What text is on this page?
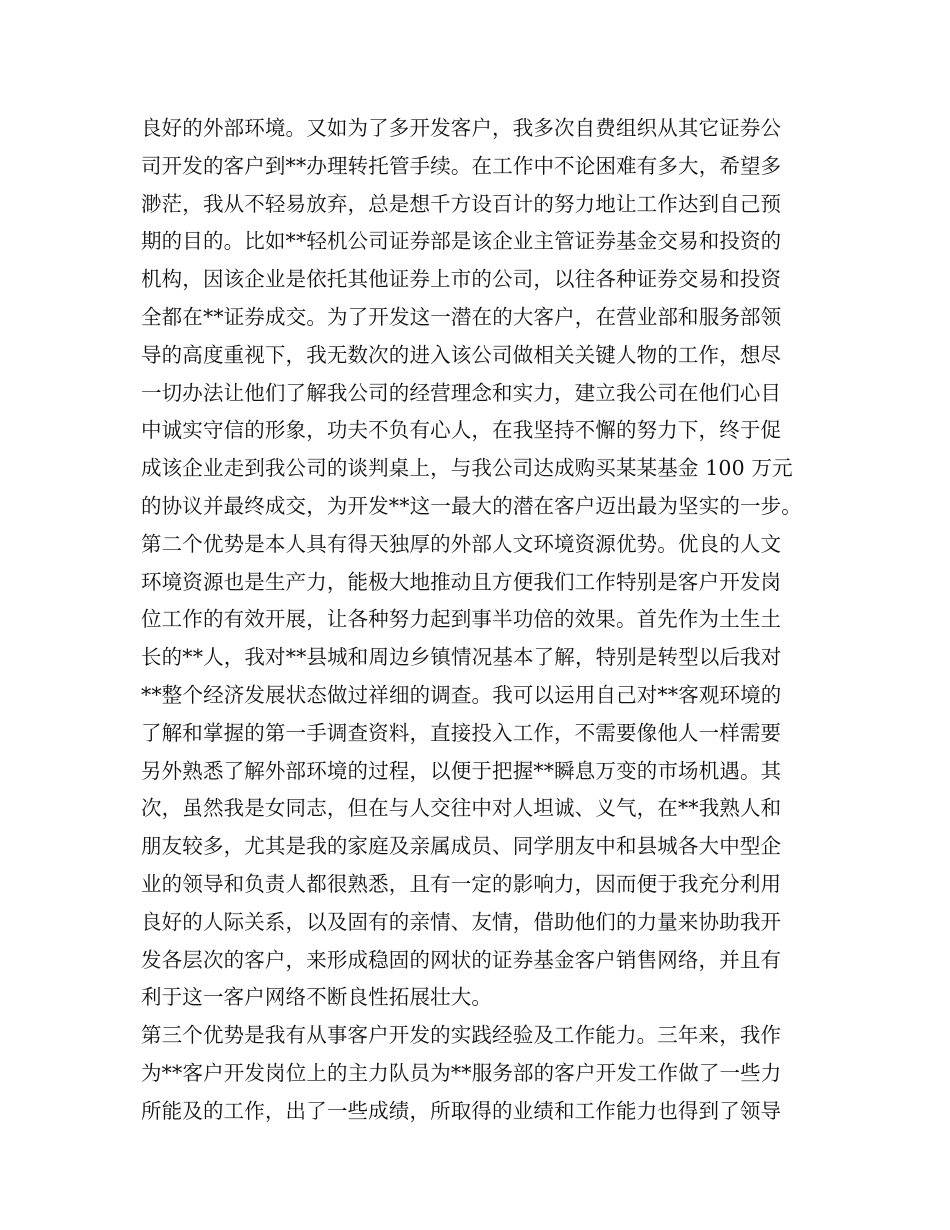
良好的外部环境。又如为了多开发客户，我多次自费组织从其它证券公
司开发的客户到**办理转托管手续。在工作中不论困难有多大，希望多
渺茫，我从不轻易放弃，总是想千方设百计的努力地让工作达到自己预
期的目的。比如**轻机公司证券部是该企业主管证券基金交易和投资的
机构，因该企业是依托其他证券上市的公司，以往各种证券交易和投资
全都在**证券成交。为了开发这一潜在的大客户，在营业部和服务部领
导的高度重视下，我无数次的进入该公司做相关关键人物的工作，想尽
一切办法让他们了解我公司的经营理念和实力，建立我公司在他们心目
中诚实守信的形象，功夫不负有心人，在我坚持不懈的努力下，终于促
成该企业走到我公司的谈判桌上，与我公司达成购买某某基金 100 万元
的协议并最终成交，为开发**这一最大的潜在客户迈出最为坚实的一步。
第二个优势是本人具有得天独厚的外部人文环境资源优势。优良的人文
环境资源也是生产力，能极大地推动且方便我们工作特别是客户开发岗
位工作的有效开展，让各种努力起到事半功倍的效果。首先作为土生土
长的**人，我对**县城和周边乡镇情况基本了解，特别是转型以后我对
**整个经济发展状态做过祥细的调查。我可以运用自己对**客观环境的
了解和掌握的第一手调查资料，直接投入工作，不需要像他人一样需要
另外熟悉了解外部环境的过程，以便于把握**瞬息万变的市场机遇。其
次，虽然我是女同志，但在与人交往中对人坦诚、义气，在**我熟人和
朋友较多，尤其是我的家庭及亲属成员、同学朋友中和县城各大中型企
业的领导和负责人都很熟悉，且有一定的影响力，因而便于我充分利用
良好的人际关系，以及固有的亲情、友情，借助他们的力量来协助我开
发各层次的客户，来形成稳固的网状的证券基金客户销售网络，并且有
利于这一客户网络不断良性拓展壮大。
第三个优势是我有从事客户开发的实践经验及工作能力。三年来，我作
为**客户开发岗位上的主力队员为**服务部的客户开发工作做了一些力
所能及的工作，出了一些成绩，所取得的业绩和工作能力也得到了领导
